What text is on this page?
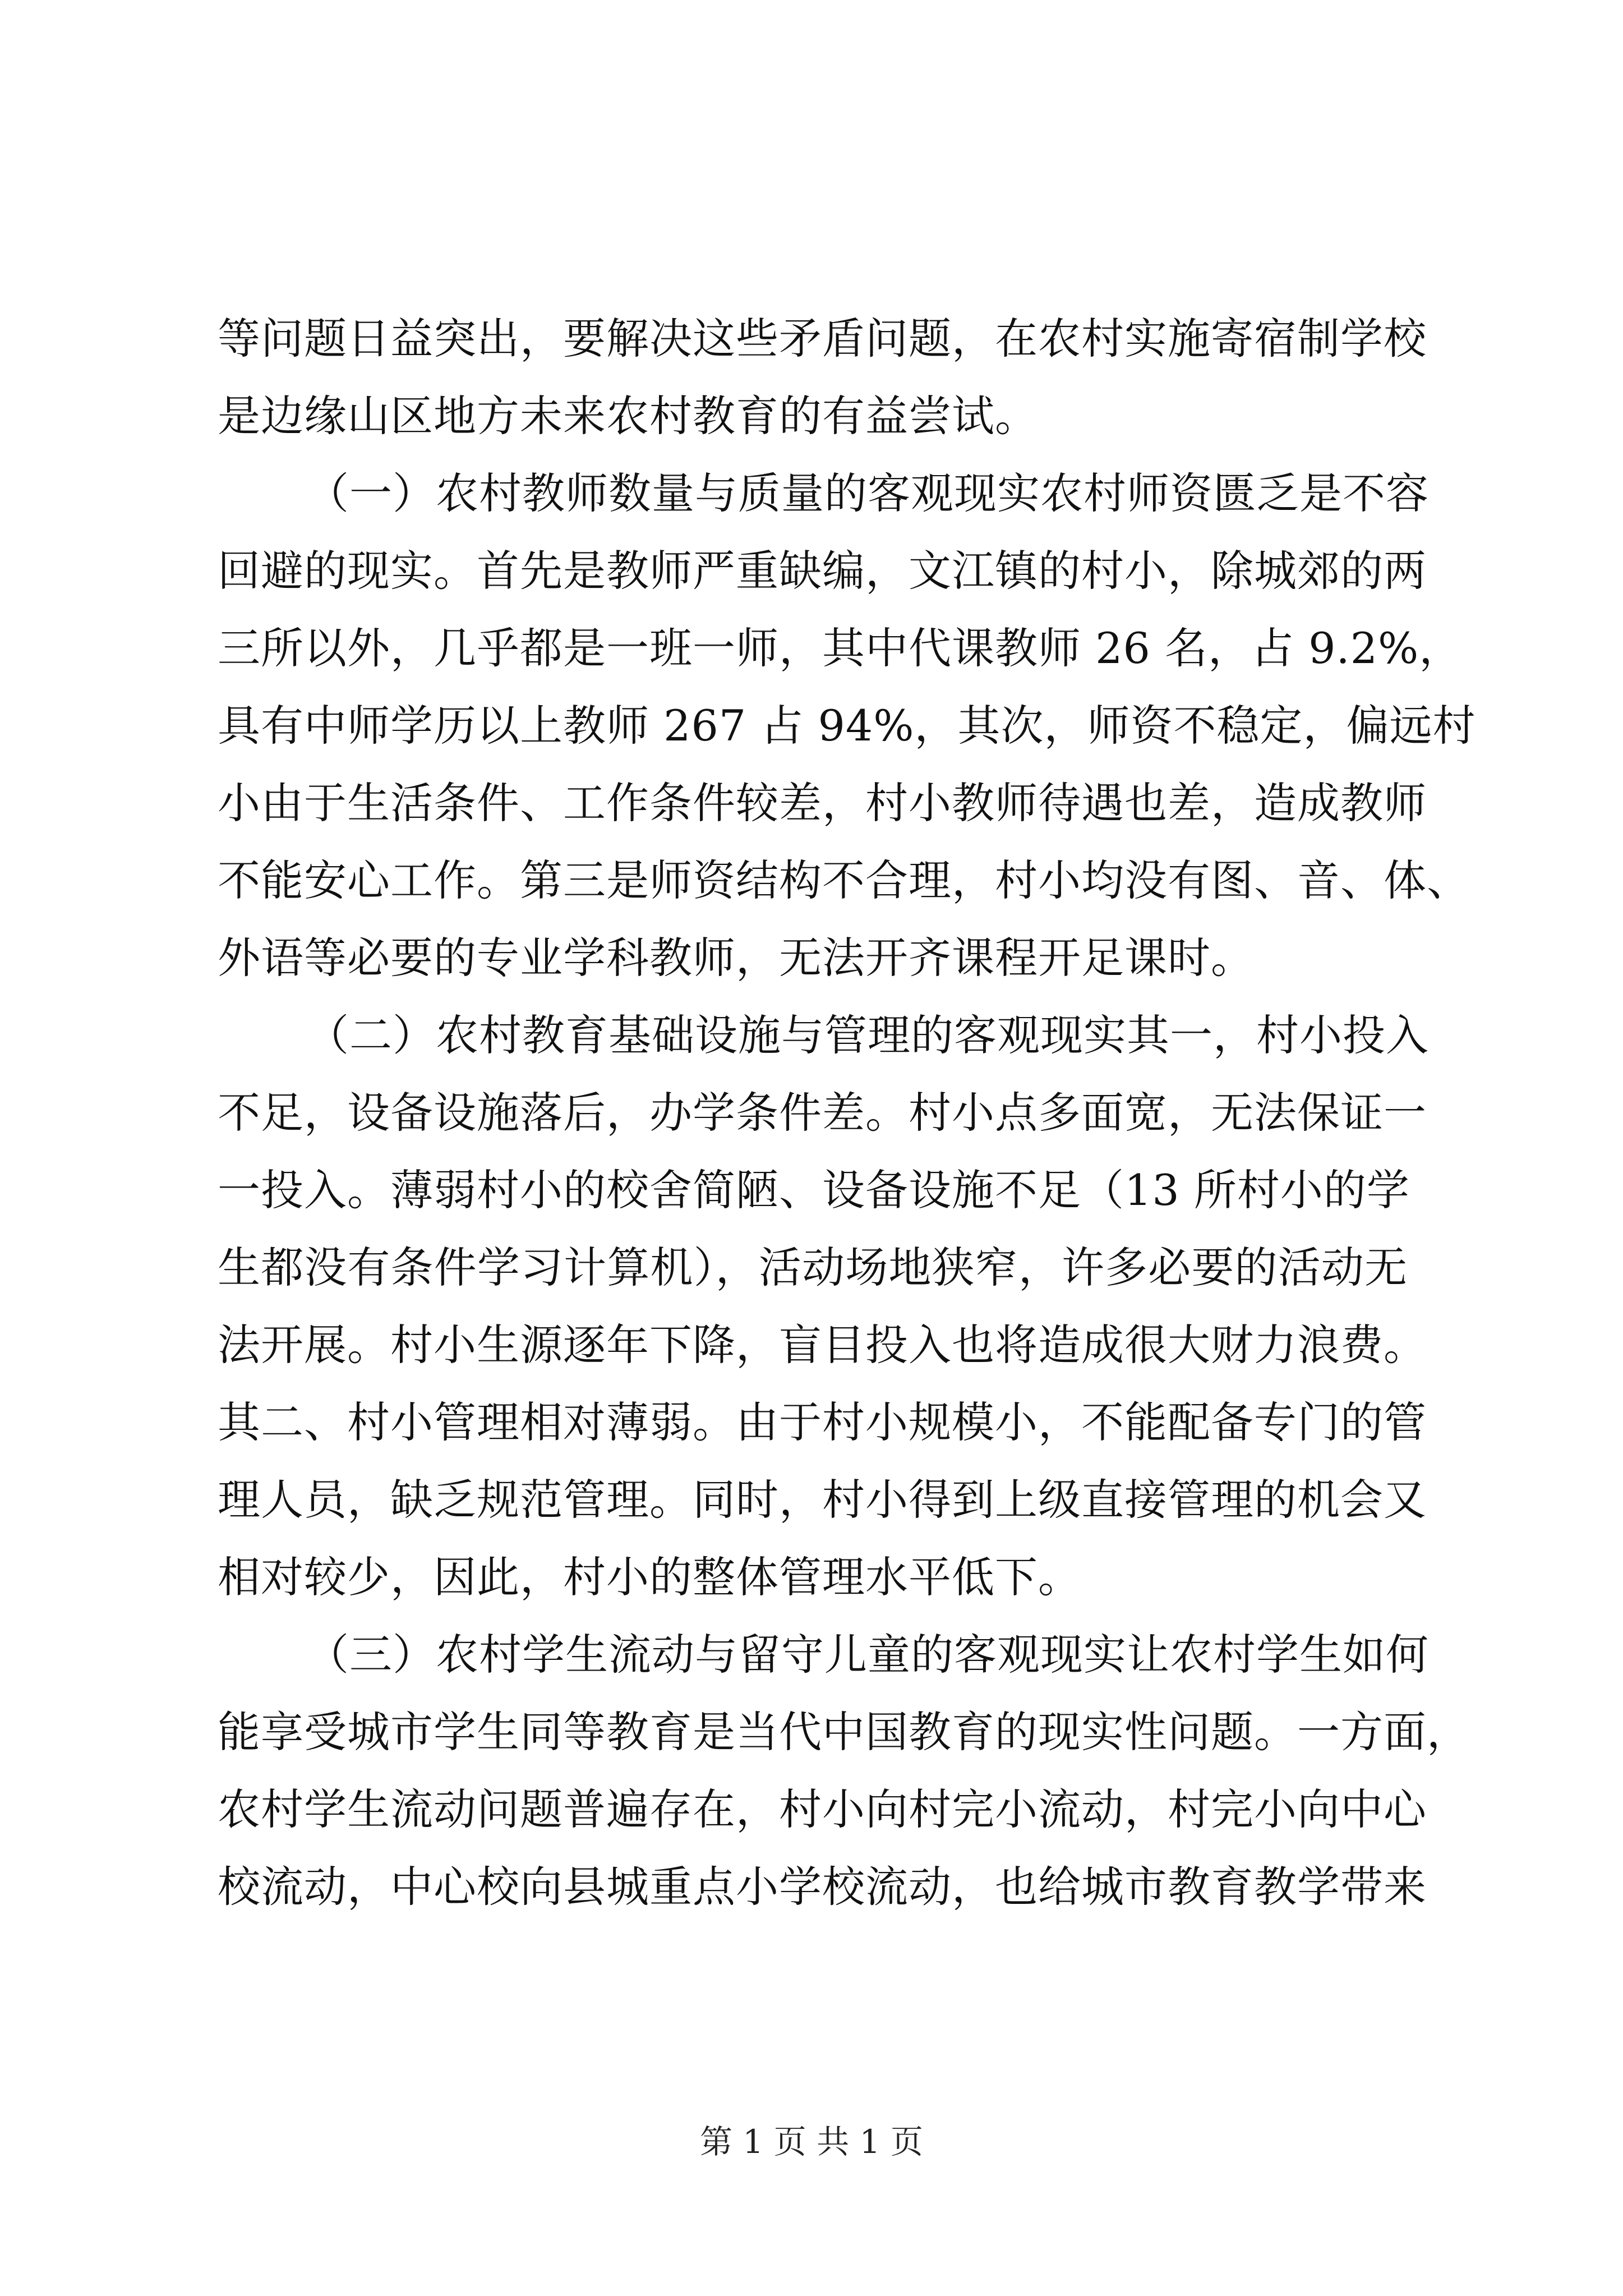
等问题日益突出，要解决这些矛盾问题，在农村实施寄宿制学校
是边缘山区地方未来农村教育的有益尝试。
（一）农村教师数量与质量的客观现实农村师资匮乏是不容
回避的现实。首先是教师严重缺编，文江镇的村小，除城郊的两
三所以外，几乎都是一班一师，其中代课教师 26 名，占 9.2%，
具有中师学历以上教师 267 占 94%，其次，师资不稳定，偏远村
小由于生活条件、工作条件较差，村小教师待遇也差，造成教师
不能安心工作。第三是师资结构不合理，村小均没有图、音、体、
外语等必要的专业学科教师，无法开齐课程开足课时。
（二）农村教育基础设施与管理的客观现实其一，村小投入
不足，设备设施落后，办学条件差。村小点多面宽，无法保证一
一投入。薄弱村小的校舍简陋、设备设施不足（13 所村小的学
生都没有条件学习计算机），活动场地狭窄，许多必要的活动无
法开展。村小生源逐年下降，盲目投入也将造成很大财力浪费。
其二、村小管理相对薄弱。由于村小规模小，不能配备专门的管
理人员，缺乏规范管理。同时，村小得到上级直接管理的机会又
相对较少，因此，村小的整体管理水平低下。
（三）农村学生流动与留守儿童的客观现实让农村学生如何
能享受城市学生同等教育是当代中国教育的现实性问题。一方面，
农村学生流动问题普遍存在，村小向村完小流动，村完小向中心
校流动，中心校向县城重点小学校流动，也给城市教育教学带来
第 1 页 共 1 页
